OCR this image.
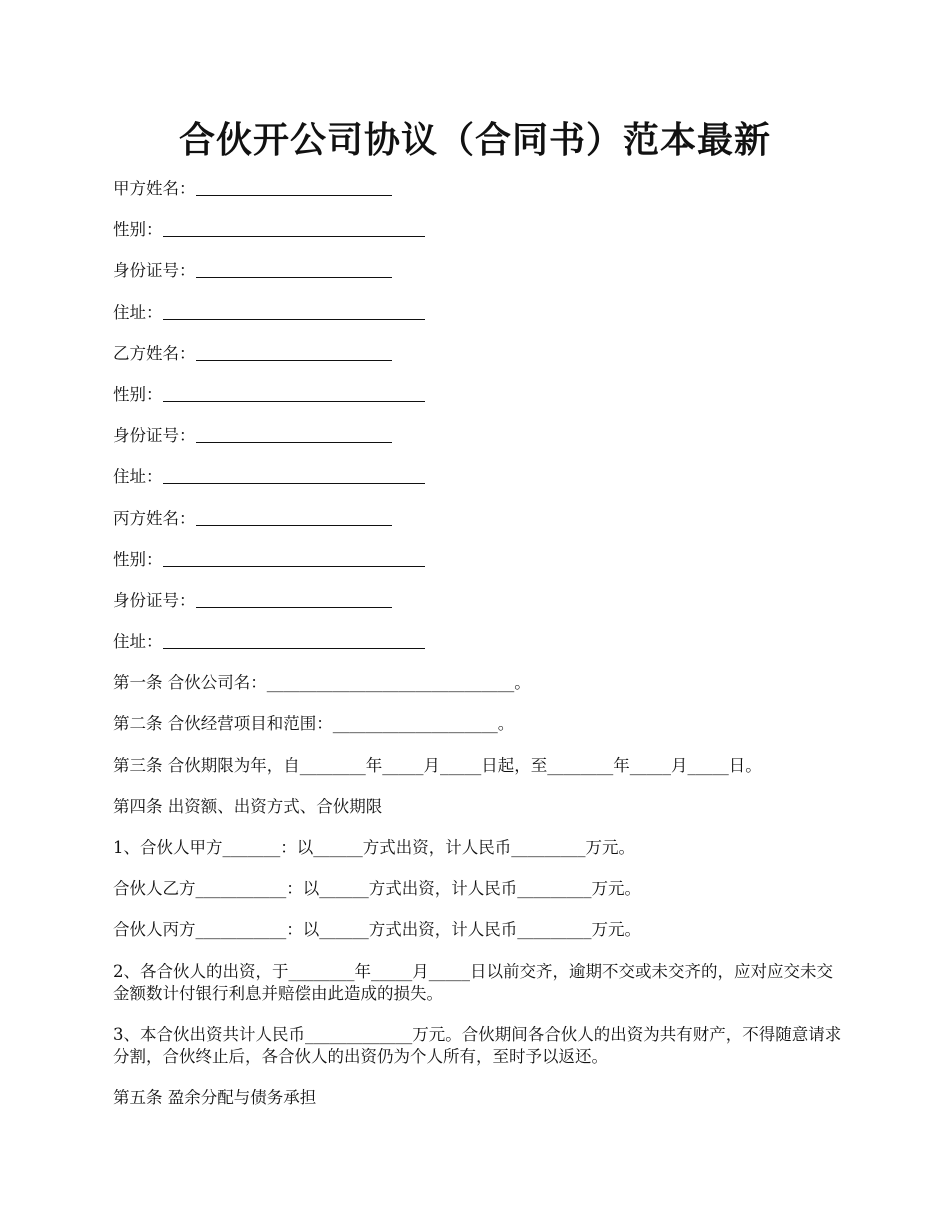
合伙开公司协议（合同书）范本最新

甲方姓名：

性别：

身份证号：

住址：

乙方姓名：

性别：

身份证号：

住址：

丙方姓名：

性别：

身份证号：

住址：

第一条 合伙公司名：______________________________。

第二条 合伙经营项目和范围：____________________。

第三条 合伙期限为年，自________年_____月_____日起，至________年_____月_____日。

第四条 出资额、出资方式、合伙期限

1、合伙人甲方_______：以______方式出资，计人民币_________万元。

合伙人乙方___________：以______方式出资，计人民币_________万元。

合伙人丙方___________：以______方式出资，计人民币_________万元。

2、各合伙人的出资，于________年_____月_____日以前交齐，逾期不交或未交齐的，应对应交未交金额数计付银行利息并赔偿由此造成的损失。

3、本合伙出资共计人民币_____________万元。合伙期间各合伙人的出资为共有财产，不得随意请求分割，合伙终止后，各合伙人的出资仍为个人所有，至时予以返还。

第五条 盈余分配与债务承担
